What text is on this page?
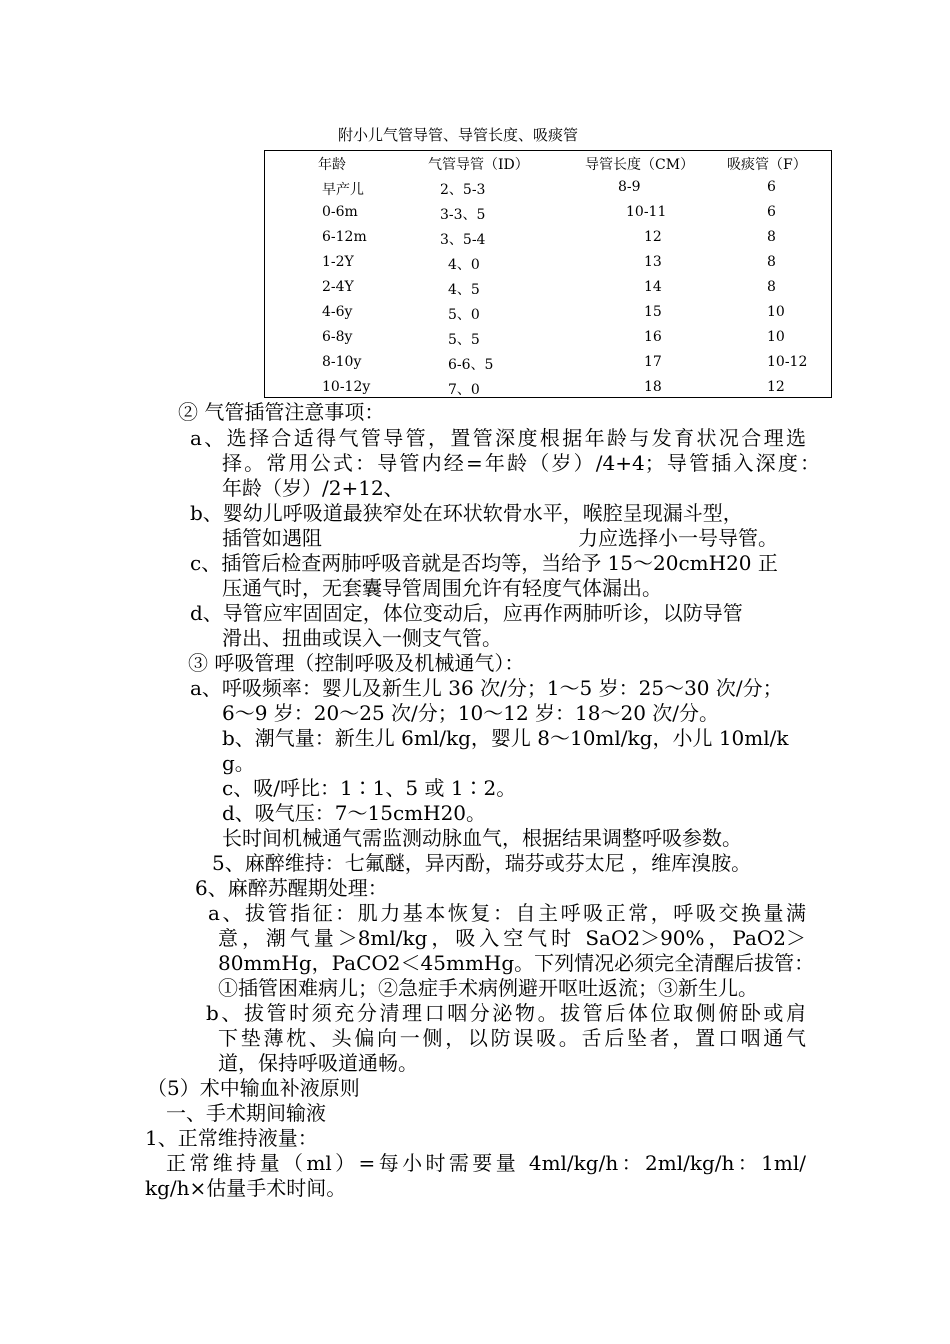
附小儿气管导管、导管长度、吸痰管
年龄	气管导管（ID）	导管长度（CM） 吸痰管（F）
早产儿	2、5-3	8-9	6
0-6m	3-3、5	10-11	6
6-12m	3、5-4	12	8
1-2Y	4、0	13	8
2-4Y	4、5	14	8
4-6y	5、0	15	10
6-8y	5、5	16	10
8-10y	6-6、5	17	10-12
10-12y	7、0	18	12
② 气管插管注意事项：
a、选择合适得气管导管，置管深度根据年龄与发育状况合理选
择。常用公式：导管内经=年龄（岁）/4+4；导管插入深度：
年龄（岁）/2+12、
b、婴幼儿呼吸道最狭窄处在环状软骨水平，喉腔呈现漏斗型，
插管如遇阻	力应选择小一号导管。
c、插管后检查两肺呼吸音就是否均等，当给予 15～20cmH20 正
压通气时，无套囊导管周围允许有轻度气体漏出。
d、导管应牢固固定，体位变动后，应再作两肺听诊，以防导管
滑出、扭曲或误入一侧支气管。
③ 呼吸管理（控制呼吸及机械通气）：
a、呼吸频率：婴儿及新生儿 36 次/分；1～5 岁：25～30 次/分；
6～9 岁：20～25 次/分；10～12 岁：18～20 次/分。
b、潮气量：新生儿 6ml/kg，婴儿 8～10ml/kg，小儿 10ml/k
g。
c、吸/呼比：1∶1、5 或 1∶2。
d、吸气压：7～15cmH20。
长时间机械通气需监测动脉血气，根据结果调整呼吸参数。
5、麻醉维持：七氟醚，异丙酚，瑞芬或芬太尼 ，维库溴胺。
6、麻醉苏醒期处理：
a、拔管指征：肌力基本恢复：自主呼吸正常，呼吸交换量满
意，潮气量＞8ml/kg，吸入空气时 SaO2＞90%，PaO2＞
80mmHg，PaCO2＜45mmHg。下列情况必须完全清醒后拔管：
①插管困难病儿；②急症手术病例避开呕吐返流；③新生儿。
b、拔管时须充分清理口咽分泌物。拔管后体位取侧俯卧或肩
下垫薄枕、头偏向一侧，以防误吸。舌后坠者，置口咽通气
道，保持呼吸道通畅。
（5）术中输血补液原则
一、手术期间输液
1、正常维持液量：
正常维持量（ml）=每小时需要量 4ml/kg/h：2ml/kg/h：1ml/
kg/h×估量手术时间。
